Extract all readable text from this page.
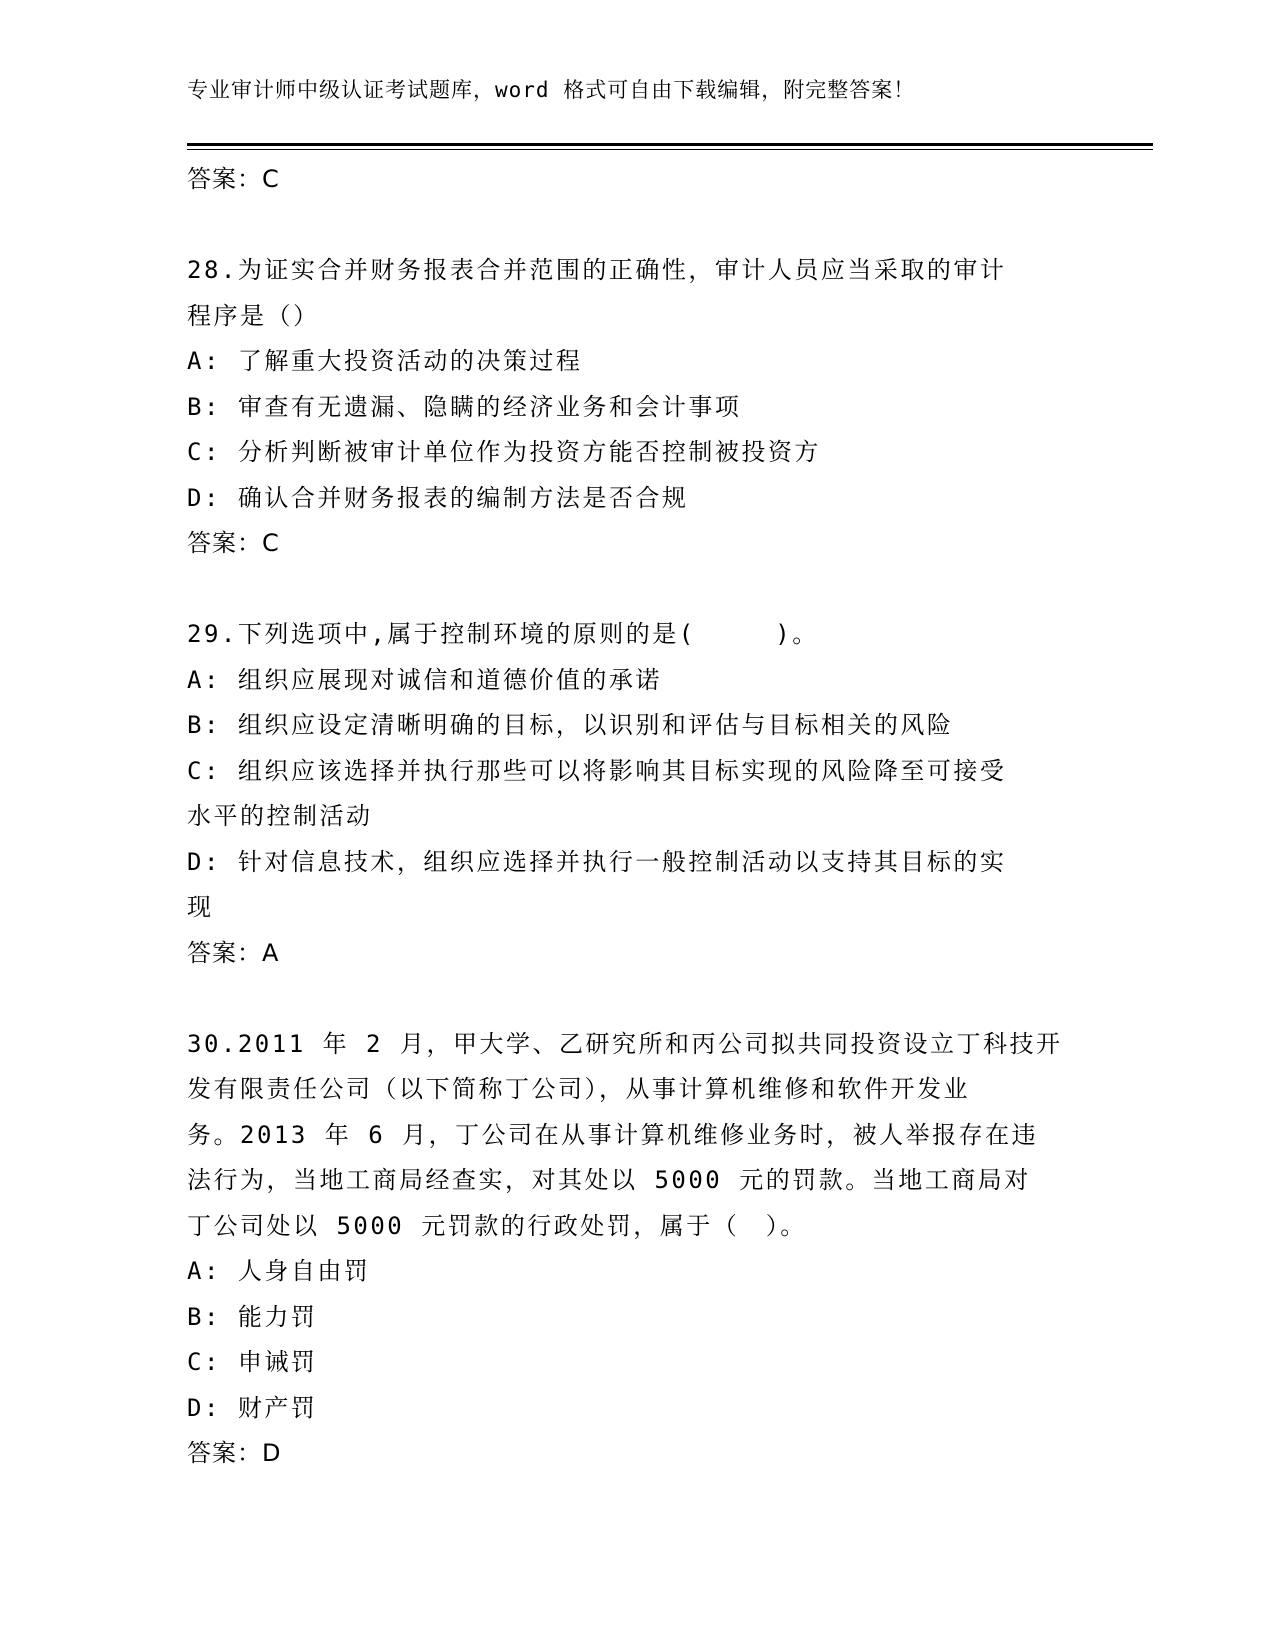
专业审计师中级认证考试题库，word 格式可自由下载编辑，附完整答案！
答案：C
28.为证实合并财务报表合并范围的正确性，审计人员应当采取的审计
程序是（）
A: 了解重大投资活动的决策过程
B: 审查有无遗漏、隐瞒的经济业务和会计事项
C: 分析判断被审计单位作为投资方能否控制被投资方
D: 确认合并财务报表的编制方法是否合规
答案：C
29.下列选项中,属于控制环境的原则的是(　　　)。
A: 组织应展现对诚信和道德价值的承诺
B: 组织应设定清晰明确的目标，以识别和评估与目标相关的风险
C: 组织应该选择并执行那些可以将影响其目标实现的风险降至可接受
水平的控制活动
D: 针对信息技术，组织应选择并执行一般控制活动以支持其目标的实
现
答案：A
30.2011 年 2 月，甲大学、乙研究所和丙公司拟共同投资设立丁科技开
发有限责任公司（以下简称丁公司），从事计算机维修和软件开发业
务。2013 年 6 月，丁公司在从事计算机维修业务时，被人举报存在违
法行为，当地工商局经查实，对其处以 5000 元的罚款。当地工商局对
丁公司处以 5000 元罚款的行政处罚，属于（　）。
A: 人身自由罚
B: 能力罚
C: 申诫罚
D: 财产罚
答案：D
